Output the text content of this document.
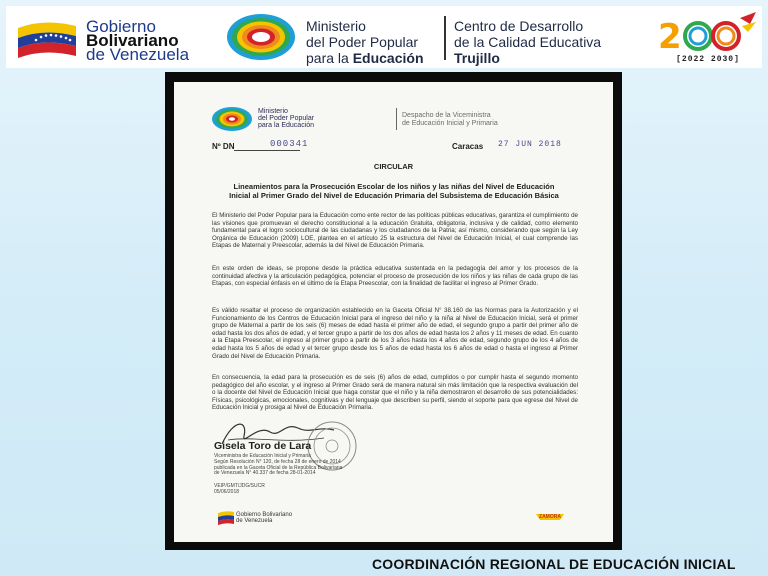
Gobierno
Bolivariano
de Venezuela
Ministerio
del Poder Popular
para la Educación
Centro de Desarrollo
de la Calidad Educativa
Trujillo
2
[2022 2030]
Ministerio
del Poder Popular
para la Educación
Despacho de la Viceministra
de Educación Inicial y Primaria
Nº DN	000341	Caracas 27 JUN 2018
CIRCULAR
Lineamientos para la Prosecución Escolar de los niños y las niñas del Nivel de Educación Inicial al Primer Grado del Nivel de Educación Primaria del Subsistema de Educación Básica

El Ministerio del Poder Popular para la Educación como ente rector de las políticas públicas educativas, garantiza el cumplimiento de las visiones que promuevan el derecho constitucional a la educación Gratuita, obligatoria, inclusiva y de calidad, como elemento fundamental para el logro sociocultural de las ciudadanas y los ciudadanos de la Patria; así mismo, considerando que según la Ley Orgánica de Educación (2009) LOE, plantea en el artículo 25 la estructura del Nivel de Educación Inicial, el cual comprende las Etapas de Maternal y Preescolar, además la del Nivel de Educación Primaria.

En este orden de ideas, se propone desde la práctica educativa sustentada en la pedagogía del amor y los procesos de la continuidad afectiva y la articulación pedagógica, potenciar el proceso de prosecución de los niños y las niñas de cada grupo de las Etapas, con especial énfasis en el último de la Etapa Preescolar, con la finalidad de facilitar el ingreso al Primer Grado.

Es válido resaltar el proceso de organización establecido en la Gaceta Oficial N° 38.160 de las Normas para la Autorización y el Funcionamiento de los Centros de Educación Inicial para el ingreso del niño y la niña al Nivel de Educación Inicial, será el primer grupo de Maternal a partir de los seis (6) meses de edad hasta el primer año de edad, el segundo grupo a partir del primer año de edad hasta los dos años de edad, y el tercer grupo a partir de los dos años de edad hasta los 2 años y 11 meses de edad. En cuanto a la Etapa Preescolar, el ingreso al primer grupo a partir de los 3 años hasta los 4 años de edad, segundo grupo de los 4 años de edad hasta los 5 años de edad y el tercer grupo desde los 5 años de edad hasta los 6 años de edad o hasta el ingreso al Primer Grado del Nivel de Educación Primaria.

En consecuencia, la edad para la prosecución es de seis (6) años de edad, cumplidos o por cumplir hasta el segundo momento pedagógico del año escolar, y el ingreso al Primer Grado será de manera natural sin más limitación que la respectiva evaluación del o la docente del Nivel de Educación Inicial que haga constar que el niño y la niña demostraron el desarrollo de sus potencialidades: Físicas, psicológicas, emocionales, cognitivas y del lenguaje que describen su perfil, siendo el soporte para que egrese del Nivel de Educación Inicial y prosiga al Nivel de Educación Primaria.

Gisela Toro de Lara
Viceministra de Educación Inicial y Primaria
Según Resolución N° 120, de fecha 28 de enero de 2014
publicada en la Gaceta Oficial de la República Bolivariana
de Venezuela N° 40.337 de fecha 28-01-2014
VEIP/GMT/JDG/SUCR
05/06/2018
Gobierno Bolivariano
de Venezuela
ZAMORA
COORDINACIÓN REGIONAL DE EDUCACIÓN INICIAL
